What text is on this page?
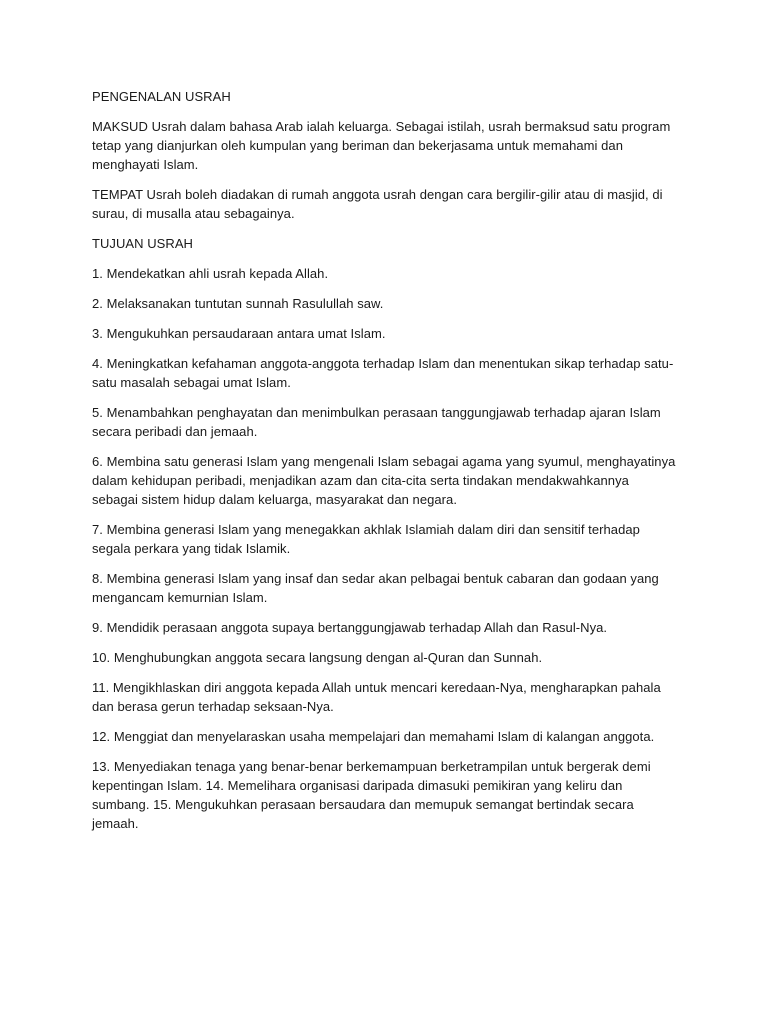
PENGENALAN USRAH

MAKSUD Usrah dalam bahasa Arab ialah keluarga. Sebagai istilah, usrah bermaksud satu program tetap yang dianjurkan oleh kumpulan yang beriman dan bekerjasama untuk memahami dan menghayati Islam.

TEMPAT Usrah boleh diadakan di rumah anggota usrah dengan cara bergilir-gilir atau di masjid, di surau, di musalla atau sebagainya.

TUJUAN USRAH

1. Mendekatkan ahli usrah kepada Allah.

2. Melaksanakan tuntutan sunnah Rasulullah saw.

3. Mengukuhkan persaudaraan antara umat Islam.

4. Meningkatkan kefahaman anggota-anggota terhadap Islam dan menentukan sikap terhadap satu-satu masalah sebagai umat Islam.

5. Menambahkan penghayatan dan menimbulkan perasaan tanggungjawab terhadap ajaran Islam secara peribadi dan jemaah.

6. Membina satu generasi Islam yang mengenali Islam sebagai agama yang syumul, menghayatinya dalam kehidupan peribadi, menjadikan azam dan cita-cita serta tindakan mendakwahkannya sebagai sistem hidup dalam keluarga, masyarakat dan negara.

7. Membina generasi Islam yang menegakkan akhlak Islamiah dalam diri dan sensitif terhadap segala perkara yang tidak Islamik.

8. Membina generasi Islam yang insaf dan sedar akan pelbagai bentuk cabaran dan godaan yang mengancam kemurnian Islam.

9. Mendidik perasaan anggota supaya bertanggungjawab terhadap Allah dan Rasul-Nya.

10. Menghubungkan anggota secara langsung dengan al-Quran dan Sunnah.

11. Mengikhlaskan diri anggota kepada Allah untuk mencari keredaan-Nya, mengharapkan pahala dan berasa gerun terhadap seksaan-Nya.

12. Menggiat dan menyelaraskan usaha mempelajari dan memahami Islam di kalangan anggota.

13. Menyediakan tenaga yang benar-benar berkemampuan berketrampilan untuk bergerak demi kepentingan Islam. 14. Memelihara organisasi daripada dimasuki pemikiran yang keliru dan sumbang. 15. Mengukuhkan perasaan bersaudara dan memupuk semangat bertindak secara jemaah.
